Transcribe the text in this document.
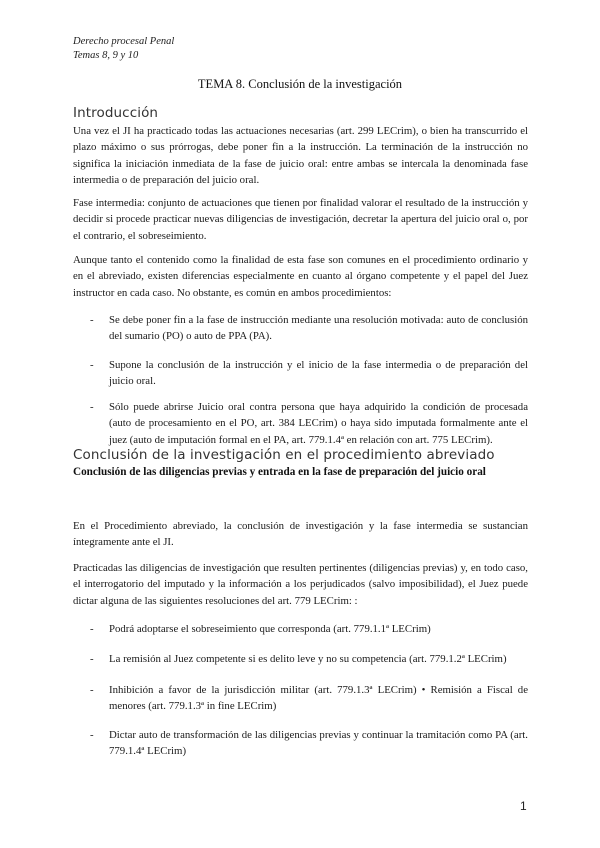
Derecho procesal Penal
Temas 8, 9 y 10
TEMA 8. Conclusión de la investigación
Introducción
Una vez el JI ha practicado todas las actuaciones necesarias (art. 299 LECrim), o bien ha transcurrido el plazo máximo o sus prórrogas, debe poner fin a la instrucción. La terminación de la instrucción no significa la iniciación inmediata de la fase de juicio oral: entre ambas se intercala la denominada fase intermedia o de preparación del juicio oral.
Fase intermedia: conjunto de actuaciones que tienen por finalidad valorar el resultado de la instrucción y decidir si procede practicar nuevas diligencias de investigación, decretar la apertura del juicio oral o, por el contrario, el sobreseimiento.
Aunque tanto el contenido como la finalidad de esta fase son comunes en el procedimiento ordinario y en el abreviado, existen diferencias especialmente en cuanto al órgano competente y el papel del Juez instructor en cada caso. No obstante, es común en ambos procedimientos:
- Se debe poner fin a la fase de instrucción mediante una resolución motivada: auto de conclusión del sumario (PO) o auto de PPA (PA).
- Supone la conclusión de la instrucción y el inicio de la fase intermedia o de preparación del juicio oral.
- Sólo puede abrirse Juicio oral contra persona que haya adquirido la condición de procesada (auto de procesamiento en el PO, art. 384 LECrim) o haya sido imputada formalmente ante el juez (auto de imputación formal en el PA, art. 779.1.4ª en relación con art. 775 LECrim).
Conclusión de la investigación en el procedimiento abreviado
Conclusión de las diligencias previas y entrada en la fase de preparación del juicio oral
En el Procedimiento abreviado, la conclusión de investigación y la fase intermedia se sustancian íntegramente ante el JI.
Practicadas las diligencias de investigación que resulten pertinentes (diligencias previas) y, en todo caso, el interrogatorio del imputado y la información a los perjudicados (salvo imposibilidad), el Juez puede dictar alguna de las siguientes resoluciones del art. 779 LECrim: :
- Podrá adoptarse el sobreseimiento que corresponda (art. 779.1.1ª LECrim)
- La remisión al Juez competente si es delito leve y no su competencia (art. 779.1.2ª LECrim)
- Inhibición a favor de la jurisdicción militar (art. 779.1.3ª LECrim) • Remisión a Fiscal de menores (art. 779.1.3ª in fine LECrim)
- Dictar auto de transformación de las diligencias previas y continuar la tramitación como PA (art. 779.1.4ª LECrim)
1
